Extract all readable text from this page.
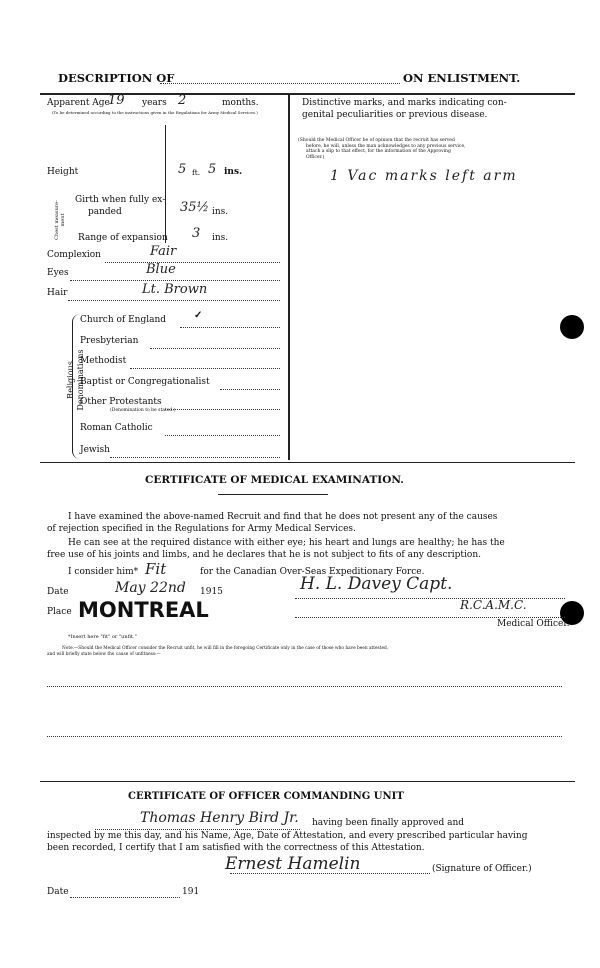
DESCRIPTION OF	ON ENLISTMENT.
Apparent Age
19 years 2	months.
(To be determined according to the instructions given in the Regulations for Army Medical Services.)
Height	5 ft. 5 ins.
Chest measure-ment
Girth when fully ex-
panded	35½ ins.
Range of expansion 3 ins.
Complexion	Fair
Eyes	Blue
Hair	Lt. Brown
Religious Denominations
Church of England	✓
Presbyterian
Methodist
Baptist or Congregationalist
Other Protestants
(Denomination to be stated.)
Roman Catholic
Jewish
Distinctive marks, and marks indicating con-
genital peculiarities or previous disease.
(Should the Medical Officer be of opinion that the recruit has served
before, he will, unless the man acknowledges to any previous service,
attach a slip to that effect, for the information of the Approving
Officer.)
1 Vac marks left arm
CERTIFICATE OF MEDICAL EXAMINATION.
I have examined the above-named Recruit and find that he does not present any of the causes
of rejection specified in the Regulations for Army Medical Services.
He can see at the required distance with either eye; his heart and lungs are healthy; he has the
free use of his joints and limbs, and he declares that he is not subject to fits of any description.
I consider him* Fit	for the Canadian Over-Seas Expeditionary Force.
Date	May 22nd 1915	H. L. Davey Capt.
Place MONTREAL	R.C.A.M.C.
Medical Officer.
*Insert here "fit" or "unfit."
Note.—Should the Medical Officer consider the Recruit unfit, he will fill in the foregoing Certificate only in the case of those who have been attested,
and will briefly state below the cause of unfitness:—
CERTIFICATE OF OFFICER COMMANDING UNIT
Thomas Henry Bird Jr. having been finally approved and
inspected by me this day, and his Name, Age, Date of Attestation, and every prescribed particular having
been recorded, I certify that I am satisfied with the correctness of this Attestation.
Ernest Hamelin	(Signature of Officer.)
Date	191
